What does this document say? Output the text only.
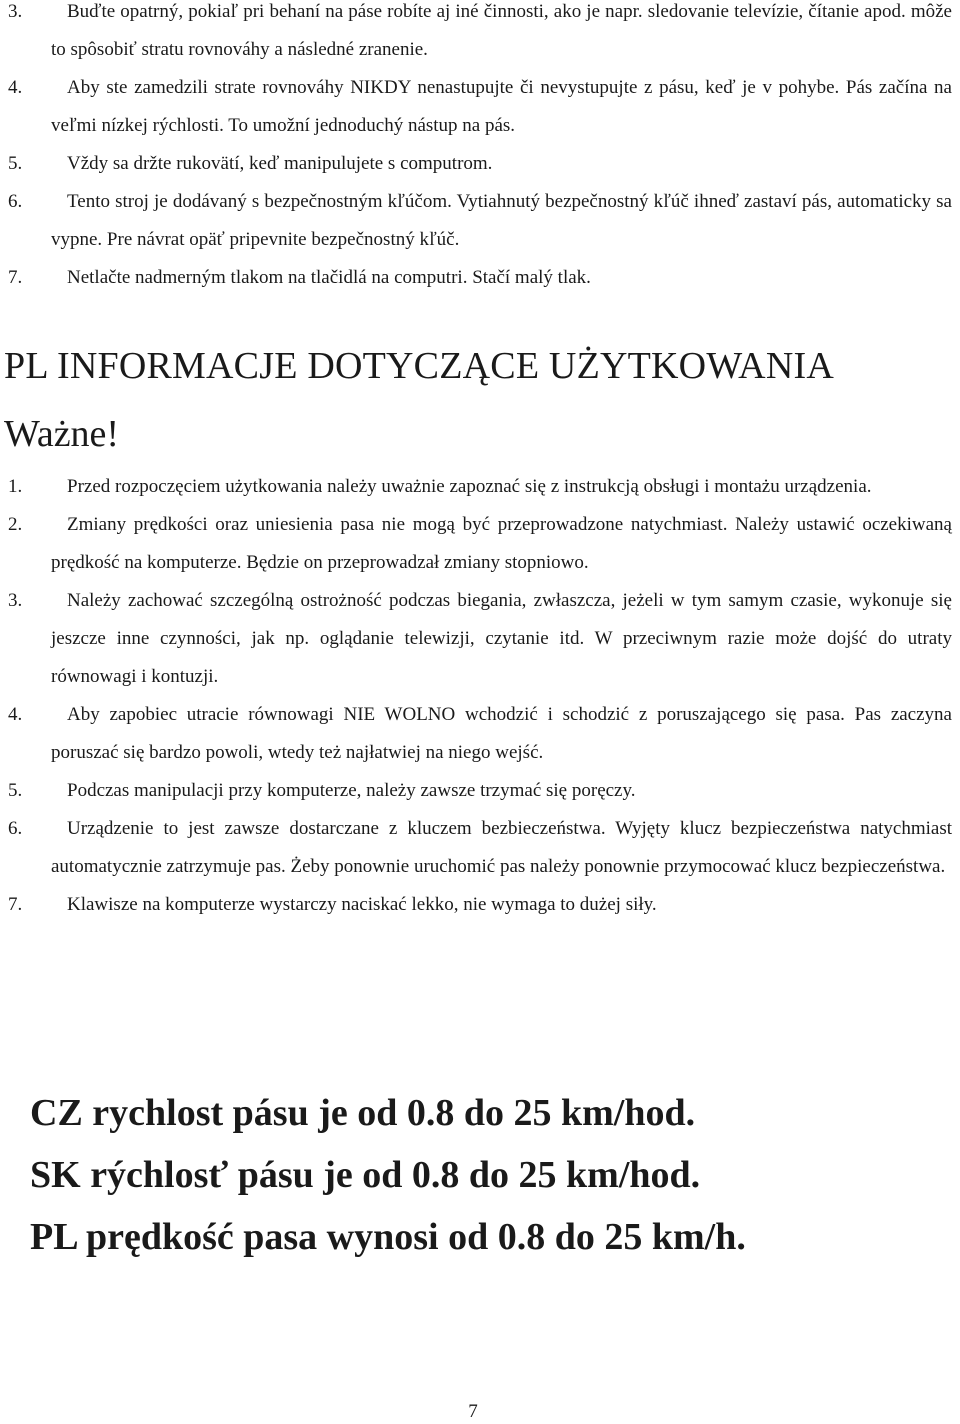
3.	Buďte opatrný, pokiaľ pri behaní na páse robíte aj iné činnosti, ako je napr. sledovanie televízie, čítanie apod. môže to spôsobiť stratu rovnováhy a následné zranenie.
4.	Aby ste zamedzili strate rovnováhy NIKDY nenastupujte či nevystupujte z pásu, keď je v pohybe. Pás začína na veľmi nízkej rýchlosti. To umožní jednoduchý nástup na pás.
5. Vždy sa držte rukovätí, keď manipulujete s computrom.
6.	Tento stroj je dodávaný s bezpečnostným kľúčom. Vytiahnutý bezpečnostný kľúč ihneď zastaví pás, automaticky sa vypne. Pre návrat opäť pripevnite bezpečnostný kľúč.
7. Netlačte nadmerným tlakom na tlačidlá na computri. Stačí malý tlak.
PL INFORMACJE DOTYCZĄCE UŻYTKOWANIA
Ważne!
1.	Przed rozpoczęciem użytkowania należy uważnie zapoznać się z instrukcją obsługi i montażu urządzenia.
2.	Zmiany prędkości oraz uniesienia pasa nie mogą być przeprowadzone natychmiast. Należy ustawić oczekiwaną prędkość na komputerze. Będzie on przeprowadzał zmiany stopniowo.
3.	Należy zachować szczególną ostrożność podczas biegania, zwłaszcza, jeżeli w tym samym czasie, wykonuje się jeszcze inne czynności, jak np. oglądanie telewizji, czytanie itd. W przeciwnym razie może dojść do utraty równowagi i kontuzji.
4.	Aby zapobiec utracie równowagi NIE WOLNO wchodzić i schodzić z poruszającego się pasa. Pas zaczyna poruszać się bardzo powoli, wtedy też najłatwiej na niego wejść.
5.	Podczas manipulacji przy komputerze, należy zawsze trzymać się poręczy.
6.	Urządzenie to jest zawsze dostarczane z kluczem bezbieczeństwa. Wyjęty klucz bezpieczeństwa natychmiast automatycznie zatrzymuje pas. Żeby ponownie uruchomić pas należy ponownie przymocować klucz bezpieczeństwa.
7.	Klawisze na komputerze wystarczy naciskać lekko, nie wymaga to dużej siły.
CZ rychlost pásu je od 0.8 do 25 km/hod.
SK rýchlosť pásu je od 0.8 do 25 km/hod.
PL prędkość pasa wynosi od 0.8 do 25 km/h.
7
